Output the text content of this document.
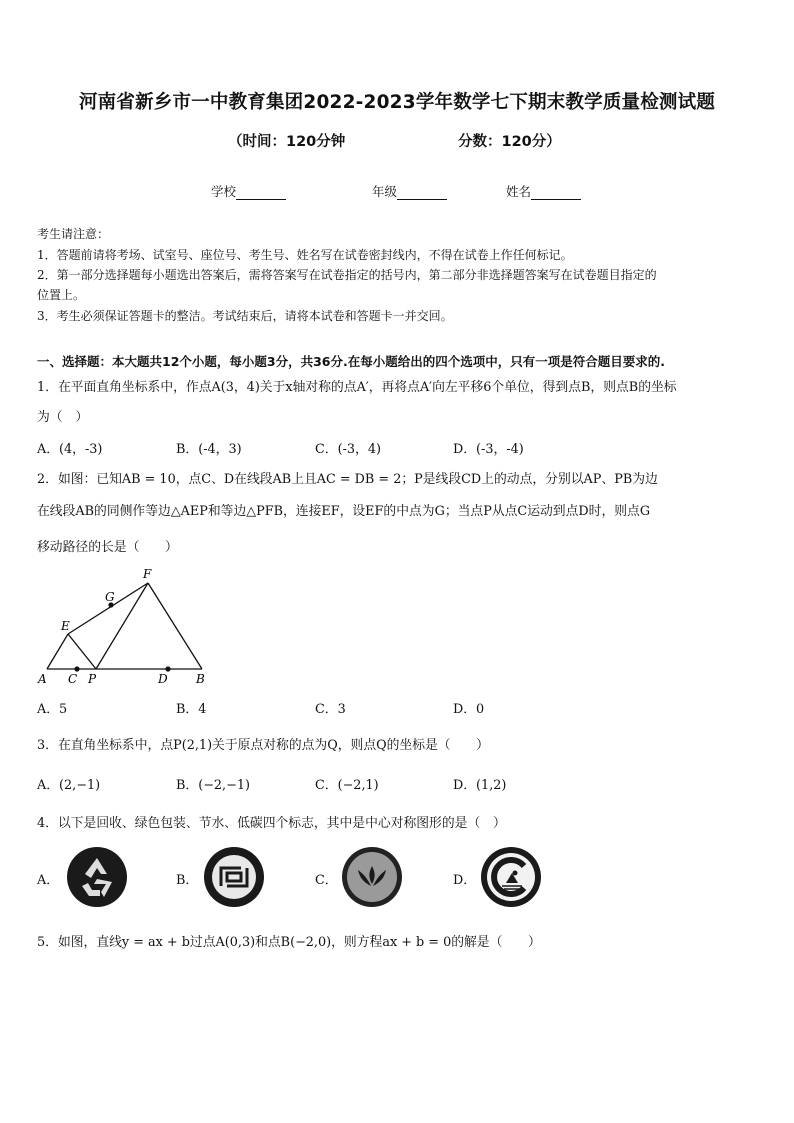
河南省新乡市一中教育集团2022-2023学年数学七下期末教学质量检测试题
（时间：120分钟	分数：120分）
学校	年级	姓名
考生请注意：
1．答题前请将考场、试室号、座位号、考生号、姓名写在试卷密封线内，不得在试卷上作任何标记。
2．第一部分选择题每小题选出答案后，需将答案写在试卷指定的括号内，第二部分非选择题答案写在试卷题目指定的
位置上。
3．考生必须保证答题卡的整洁。考试结束后，请将本试卷和答题卡一并交回。
一、选择题：本大题共12个小题，每小题3分，共36分.在每小题给出的四个选项中，只有一项是符合题目要求的.
1．在平面直角坐标系中，作点A(3，4)关于x轴对称的点A′，再将点A′向左平移6个单位，得到点B，则点B的坐标
为（　）
A．(4，-3)	B．(-4，3)	C．(-3，4)	D．(-3，-4)
2．如图：已知AB = 10，点C、D在线段AB上且AC = DB = 2；P是线段CD上的动点，分别以AP、PB为边
在线段AB的同侧作等边△AEP和等边△PFB，连接EF，设EF的中点为G；当点P从点C运动到点D时，则点G
移动路径的长是（　　）
A C P	D B
E
F
G
A．5	B．4	C．3	D．0
3．在直角坐标系中，点P(2,1)关于原点对称的点为Q，则点Q的坐标是（　　）
A．(2,−1)	B．(−2,−1)	C．(−2,1)	D．(1,2)
4．以下是回收、绿色包装、节水、低碳四个标志，其中是中心对称图形的是（　）
A．	B．	C．	D．
5．如图，直线y = ax + b过点A(0,3)和点B(−2,0)，则方程ax + b = 0的解是（　　）
